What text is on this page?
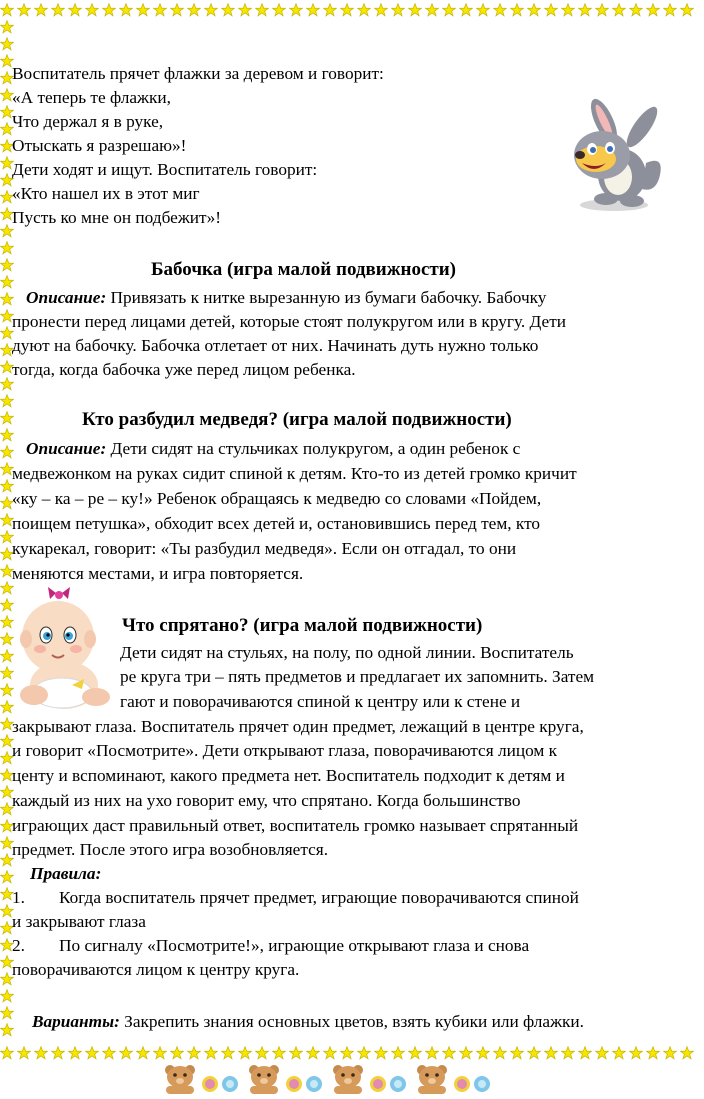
Воспитатель прячет флажки за деревом и говорит:
«А теперь те флажки,
Что держал я в руке,
Отыскать я разрешаю»!
Дети ходят и ищут. Воспитатель говорит:
«Кто нашел их в этот миг
Пусть ко мне он подбежит»!
Бабочка (игра малой подвижности)
Описание: Привязать к нитке вырезанную из бумаги бабочку. Бабочку
пронести перед лицами детей, которые стоят полукругом или в кругу. Дети
дуют на бабочку. Бабочка отлетает от них. Начинать дуть нужно только
тогда, когда бабочка уже перед лицом ребенка.
Кто разбудил медведя? (игра малой подвижности)
Описание: Дети сидят на стульчиках полукругом, а один ребенок с
медвежонком на руках сидит спиной к детям. Кто-то из детей громко кричит
«ку – ка – ре – ку!» Ребенок обращаясь к медведю со словами «Пойдем,
поищем петушка», обходит всех детей и, остановившись перед тем, кто
кукарекал, говорит: «Ты разбудил медведя». Если он отгадал, то они
меняются местами, и игра повторяется.
Что спрятано? (игра малой подвижности)
Дети сидят на стульях, на полу, по одной линии. Воспитатель
ре круга три – пять предметов и предлагает их запомнить. Затем
гают и поворачиваются спиной к центру или к стене и
закрывают глаза. Воспитатель прячет один предмет, лежащий в центре круга,
и говорит «Посмотрите». Дети открывают глаза, поворачиваются лицом к
центу и вспоминают, какого предмета нет. Воспитатель подходит к детям и
каждый из них на ухо говорит ему, что спрятано. Когда большинство
играющих даст правильный ответ, воспитатель громко называет спрятанный
предмет. После этого игра возобновляется.
Правила:
1. Когда воспитатель прячет предмет, играющие поворачиваются спиной
и закрывают глаза
2. По сигналу «Посмотрите!», играющие открывают глаза и снова
поворачиваются лицом к центру круга.
Варианты: Закрепить знания основных цветов, взять кубики или флажки.
